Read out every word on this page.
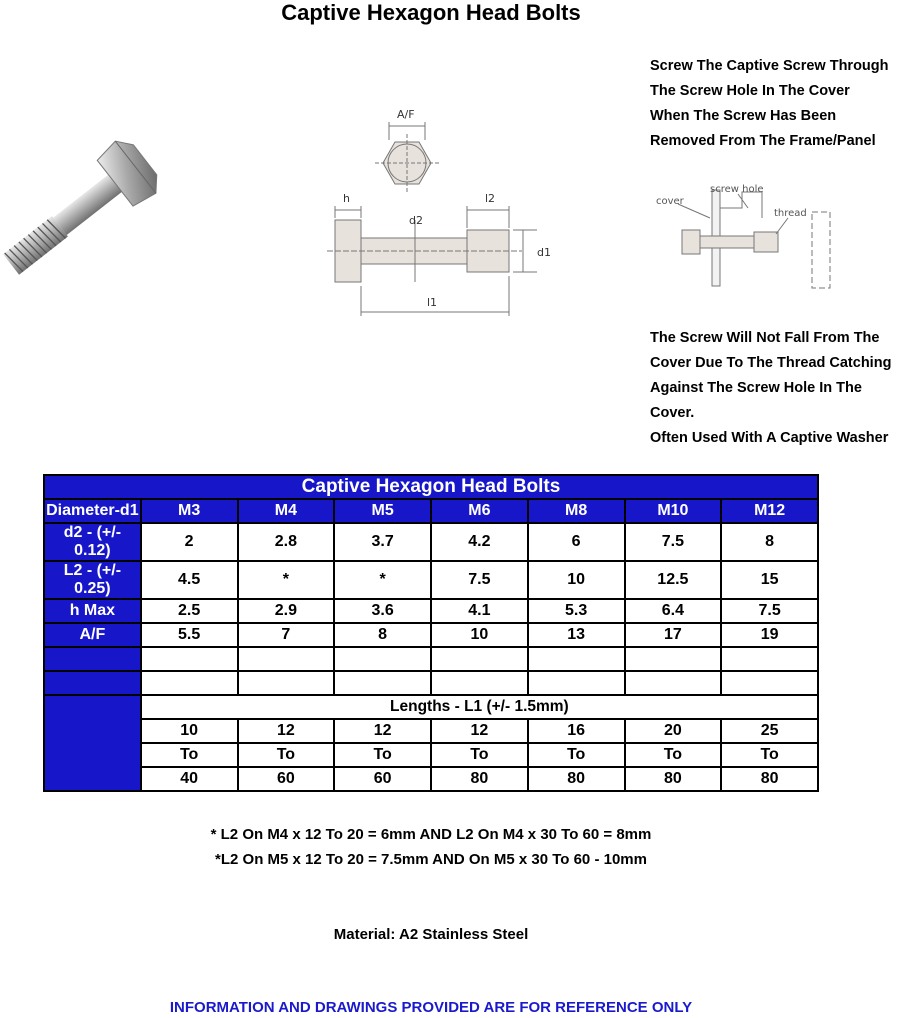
Captive Hexagon Head Bolts
A/F
h
d2
l2
d1
l1

Screw The Captive Screw Through

The Screw Hole In The Cover

When The Screw Has Been

Removed From The Frame/Panel

cover
screw hole
thread

The Screw Will Not Fall From The

Cover Due To The Thread Catching

Against The Screw Hole In The

Cover.

Often Used With A Captive Washer

Captive Hexagon Head Bolts							
Diameter-d1	M3	M4	M5	M6	M8	M10	M12
d2 - (+/- 0.12)	2	2.8	3.7	4.2	6	7.5	8
L2 - (+/- 0.25)	4.5	*	*	7.5	10	12.5	15
h Max	2.5	2.9	3.6	4.1	5.3	6.4	7.5
A/F	5.5	7	8	10	13	17	19

	Lengths - L1 (+/- 1.5mm)						
	10	12	12	12	16	20	25
	To	To	To	To	To	To	To
	40	60	60	80	80	80	80
* L2 On M4 x 12 To 20 = 6mm AND L2 On M4 x 30 To 60 = 8mm
*L2 On M5 x 12 To 20 = 7.5mm AND On M5 x 30 To 60 - 10mm
Material: A2 Stainless Steel
INFORMATION AND DRAWINGS PROVIDED ARE FOR REFERENCE ONLY
